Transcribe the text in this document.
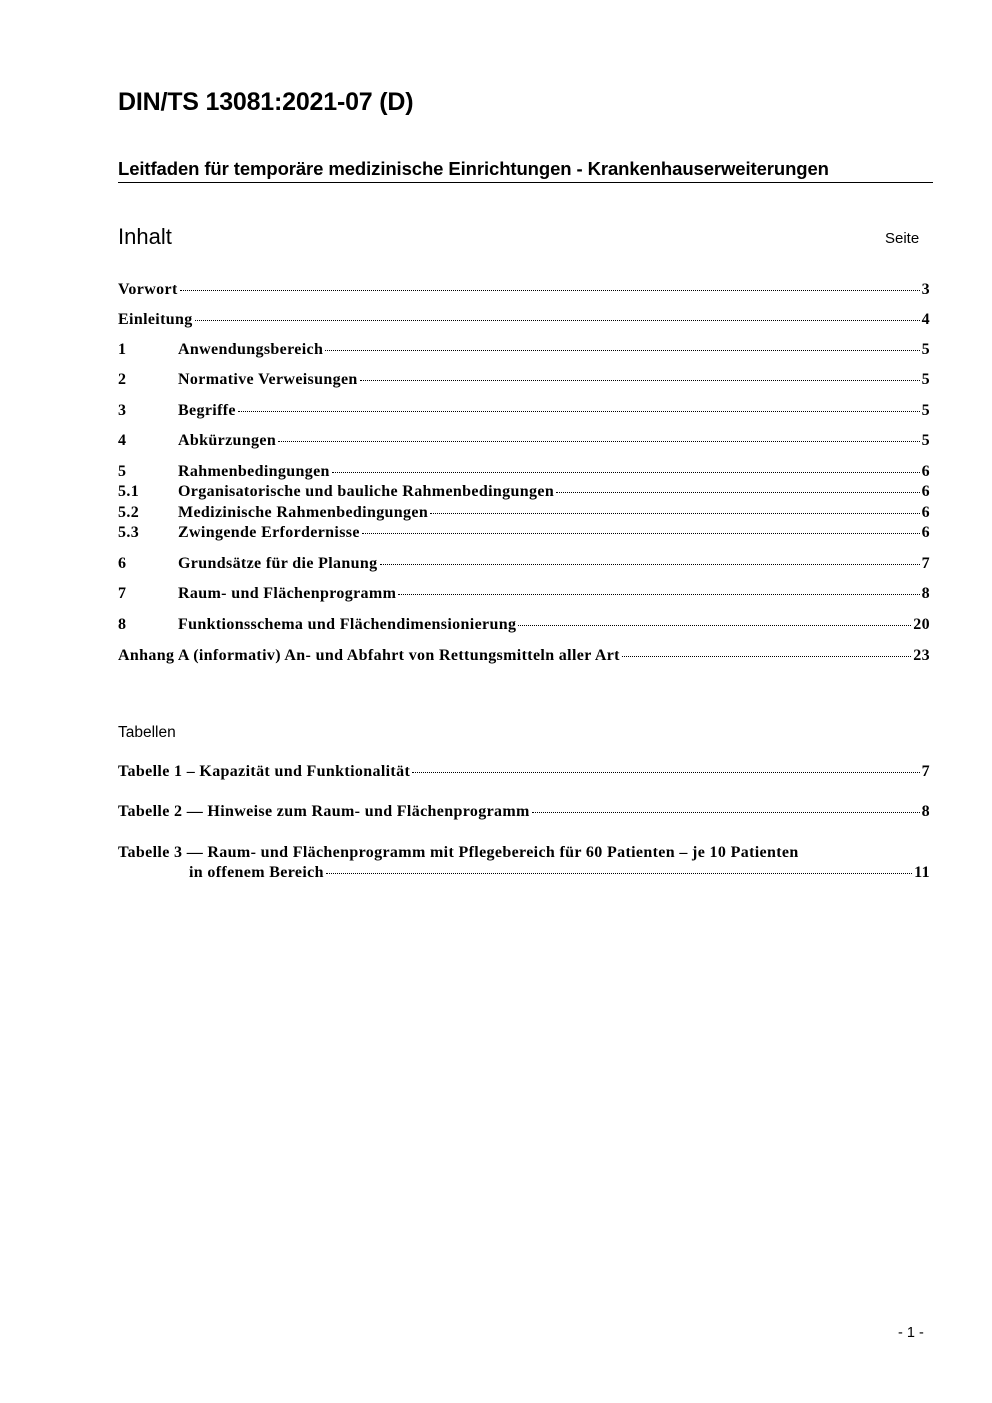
DIN/TS 13081:2021-07 (D)
Leitfaden für temporäre medizinische Einrichtungen - Krankenhauserweiterungen
Inhalt	Seite
Vorwort	3
Einleitung	4
1	Anwendungsbereich	5
2	Normative Verweisungen	5
3	Begriffe	5
4	Abkürzungen	5
5	Rahmenbedingungen	6
5.1	Organisatorische und bauliche Rahmenbedingungen	6
5.2	Medizinische Rahmenbedingungen	6
5.3	Zwingende Erfordernisse	6
6	Grundsätze für die Planung	7
7	Raum- und Flächenprogramm	8
8	Funktionsschema und Flächendimensionierung	20
Anhang A (informativ) An- und Abfahrt von Rettungsmitteln aller Art	23
Tabellen
Tabelle 1 – Kapazität und Funktionalität	7
Tabelle 2 — Hinweise zum Raum- und Flächenprogramm	8
Tabelle 3 — Raum- und Flächenprogramm mit Pflegebereich für 60 Patienten – je 10 Patienten
in offenem Bereich	11
- 1 -
